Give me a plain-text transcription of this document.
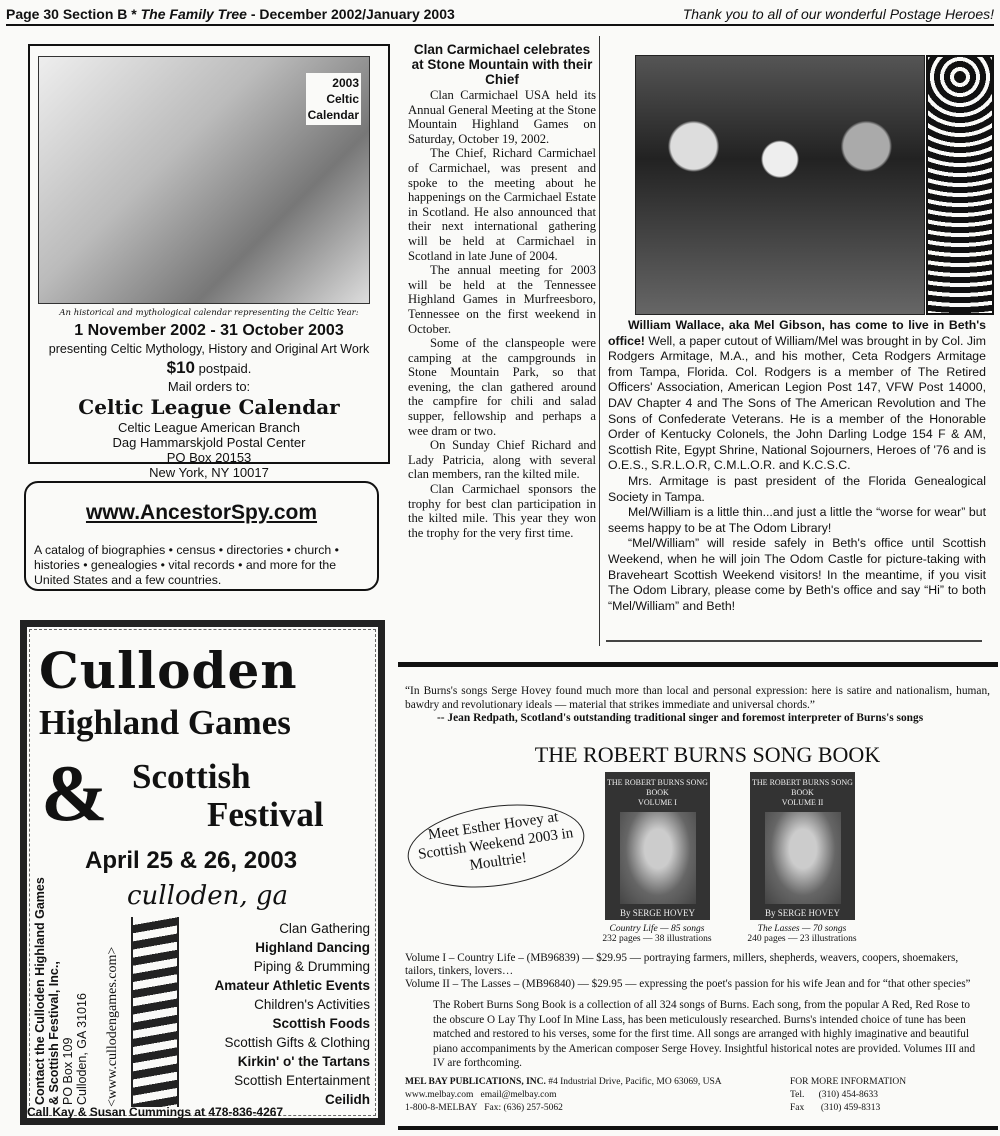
Page 30 Section B * The Family Tree - December 2002/January 2003	Thank you to all of our wonderful Postage Heroes!
2003
Celtic
Calendar
An historical and mythological calendar representing the Celtic Year:
1 November 2002 - 31 October 2003
presenting Celtic Mythology, History and Original Art Work
$10 postpaid.
Mail orders to:
Celtic League Calendar
Celtic League American Branch
Dag Hammarskjold Postal Center
PO Box 20153
New York, NY 10017
www.AncestorSpy.com
A catalog of biographies • census • directories • church • histories • genealogies • vital records • and more for the United States and a few countries.
Culloden
Highland Games
& Scottish
Festival
April 25 & 26, 2003
culloden, ga
Contact the Culloden Highland Games & Scottish Festival, Inc., PO Box 109 Culloden, GA 31016 <www.cullodengames.com>
Clan Gathering
Highland Dancing
Piping & Drumming
Amateur Athletic Events
Children's Activities
Scottish Foods
Scottish Gifts & Clothing
Kirkin' o' the Tartans
Scottish Entertainment
Ceilidh
Call Kay & Susan Cummings at 478-836-4267
Clan Carmichael celebrates at Stone Mountain with their Chief

Clan Carmichael USA held its Annual General Meeting at the Stone Mountain Highland Games on Saturday, October 19, 2002.

The Chief, Richard Carmichael of Carmichael, was present and spoke to the meeting about he happenings on the Carmichael Estate in Scotland. He also announced that their next international gathering will be held at Carmichael in Scotland in late June of 2004.

The annual meeting for 2003 will be held at the Tennessee Highland Games in Murfreesboro, Tennessee on the first weekend in October.

Some of the clanspeople were camping at the campgrounds in Stone Mountain Park, so that evening, the clan gathered around the campfire for chili and salad supper, fellowship and perhaps a wee dram or two.

On Sunday Chief Richard and Lady Patricia, along with several clan members, ran the kilted mile.

Clan Carmichael sponsors the trophy for best clan participation in the kilted mile. This year they won the trophy for the very first time.

William Wallace, aka Mel Gibson, has come to live in Beth's office! Well, a paper cutout of William/Mel was brought in by Col. Jim Rodgers Armitage, M.A., and his mother, Ceta Rodgers Armitage from Tampa, Florida. Col. Rodgers is a member of The Retired Officers' Association, American Legion Post 147, VFW Post 14000, DAV Chapter 4 and The Sons of The American Revolution and The Sons of Confederate Veterans. He is a member of the Honorable Order of Kentucky Colonels, the John Darling Lodge 154 F & AM, Scottish Rite, Egypt Shrine, National Sojourners, Heroes of '76 and is O.E.S., S.R.L.O.R, C.M.L.O.R. and K.C.S.C.

Mrs. Armitage is past president of the Florida Genealogical Society in Tampa.

Mel/William is a little thin...and just a little the “worse for wear” but seems happy to be at The Odom Library!

“Mel/William” will reside safely in Beth's office until Scottish Weekend, when he will join The Odom Castle for picture-taking with Braveheart Scottish Weekend visitors! In the meantime, if you visit The Odom Library, please come by Beth's office and say “Hi” to both “Mel/William” and Beth!

“In Burns's songs Serge Hovey found much more than local and personal expression: here is satire and nationalism, human, bawdry and revolutionary ideals — material that strikes immediate and universal chords.”
-- Jean Redpath, Scotland's outstanding traditional singer and foremost interpreter of Burns's songs
THE ROBERT BURNS SONG BOOK
Meet Esther Hovey at Scottish Weekend 2003 in Moultrie!
THE ROBERT BURNS SONG BOOK
VOLUME I
By SERGE HOVEY
Country Life — 85 songs
232 pages — 38 illustrations
THE ROBERT BURNS SONG BOOK
VOLUME II
By SERGE HOVEY
The Lasses — 70 songs
240 pages — 23 illustrations
Volume I – Country Life – (MB96839) — $29.95 — portraying farmers, millers, shepherds, weavers, coopers, shoemakers, tailors, tinkers, lovers…
Volume II – The Lasses – (MB96840) — $29.95 — expressing the poet's passion for his wife Jean and for “that other species”
The Robert Burns Song Book is a collection of all 324 songs of Burns. Each song, from the popular A Red, Red Rose to the obscure O Lay Thy Loof In Mine Lass, has been meticulously researched. Burns's intended choice of tune has been matched and restored to his verses, some for the first time. All songs are arranged with highly imaginative and beautiful piano accompaniments by the American composer Serge Hovey. Insightful historical notes are provided. Volumes III and IV are forthcoming.
MEL BAY PUBLICATIONS, INC. #4 Industrial Drive, Pacific, MO 63069, USA
www.melbay.com email@melbay.com
1-800-8-MELBAY Fax: (636) 257-5062
FOR MORE INFORMATION
Tel. (310) 454-8633
Fax (310) 459-8313
